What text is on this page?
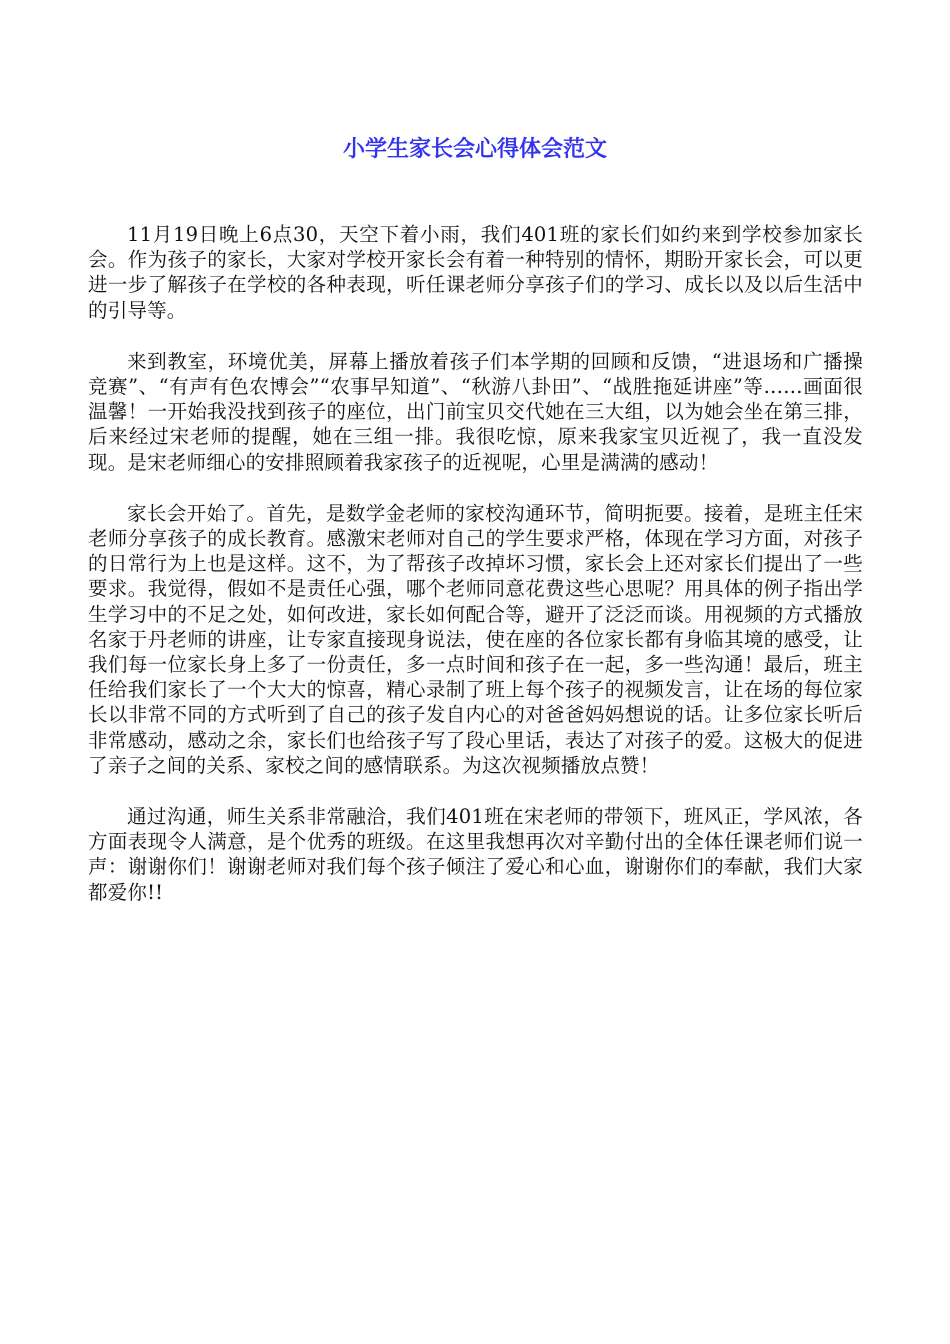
小学生家长会心得体会范文

11月19日晚上6点30，天空下着小雨，我们401班的家长们如约来到学校参加家长会。作为孩子的家长，大家对学校开家长会有着一种特别的情怀，期盼开家长会，可以更进一步了解孩子在学校的各种表现，听任课老师分享孩子们的学习、成长以及以后生活中的引导等。

来到教室，环境优美，屏幕上播放着孩子们本学期的回顾和反馈，“进退场和广播操竞赛”、“有声有色农博会”“农事早知道”、“秋游八卦田”、“战胜拖延讲座”等……画面很温馨！一开始我没找到孩子的座位，出门前宝贝交代她在三大组，以为她会坐在第三排，后来经过宋老师的提醒，她在三组一排。我很吃惊，原来我家宝贝近视了，我一直没发现。是宋老师细心的安排照顾着我家孩子的近视呢，心里是满满的感动！

家长会开始了。首先，是数学金老师的家校沟通环节，简明扼要。接着，是班主任宋老师分享孩子的成长教育。感激宋老师对自己的学生要求严格，体现在学习方面，对孩子的日常行为上也是这样。这不，为了帮孩子改掉坏习惯，家长会上还对家长们提出了一些要求。我觉得，假如不是责任心强，哪个老师同意花费这些心思呢？用具体的例子指出学生学习中的不足之处，如何改进，家长如何配合等，避开了泛泛而谈。用视频的方式播放名家于丹老师的讲座，让专家直接现身说法，使在座的各位家长都有身临其境的感受，让我们每一位家长身上多了一份责任，多一点时间和孩子在一起，多一些沟通！最后，班主任给我们家长了一个大大的惊喜，精心录制了班上每个孩子的视频发言，让在场的每位家长以非常不同的方式听到了自己的孩子发自内心的对爸爸妈妈想说的话。让多位家长听后非常感动，感动之余，家长们也给孩子写了段心里话，表达了对孩子的爱。这极大的促进了亲子之间的关系、家校之间的感情联系。为这次视频播放点赞！

通过沟通，师生关系非常融洽，我们401班在宋老师的带领下，班风正，学风浓，各方面表现令人满意，是个优秀的班级。在这里我想再次对辛勤付出的全体任课老师们说一声：谢谢你们！谢谢老师对我们每个孩子倾注了爱心和心血，谢谢你们的奉献，我们大家都爱你!!
